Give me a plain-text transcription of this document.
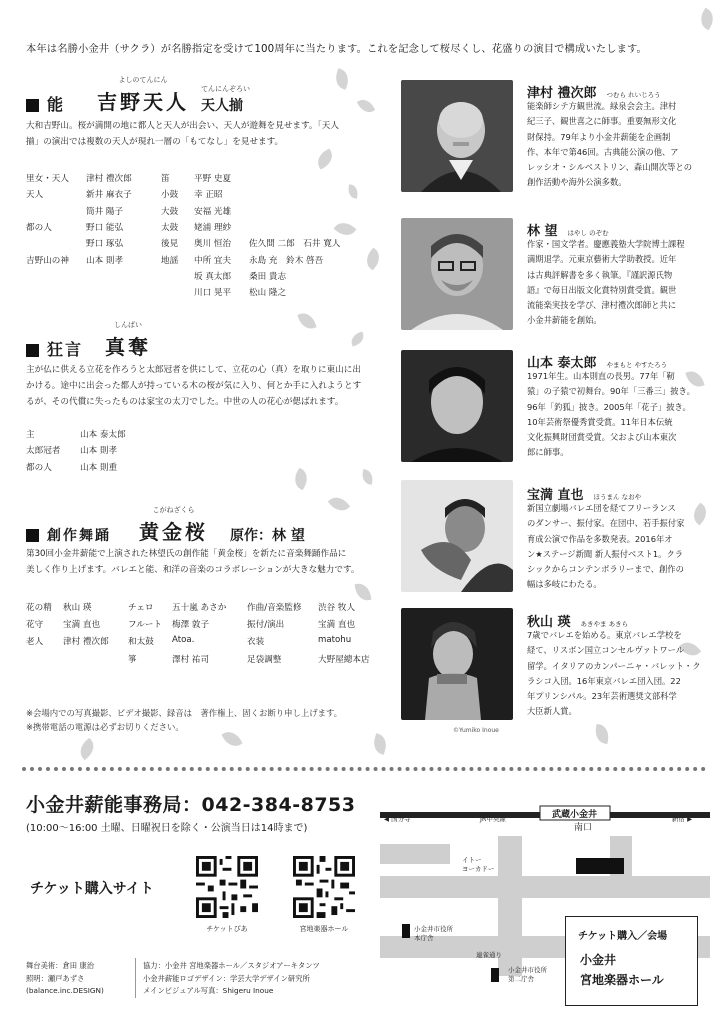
本年は名勝小金井（サクラ）が名勝指定を受けて100周年に当たります。これを記念して桜尽くし、花盛りの演目で構成いたします。
能
よしのてんにん
吉野天人
てんにんぞろい
天人揃
大和吉野山。桜が満開の地に都人と天人が出会い、天人が遊舞を見せます。「天人
揃」の演出では複数の天人が現れ一層の「もてなし」を見せます。
里女・天人 津村 禮次郎	笛	平野 史夏
天人	新井 麻衣子	小鼓 幸 正昭
筒井 陽子	大鼓 安福 光雄
都の人	野口 能弘	太鼓 姥浦 理紗
野口 琢弘	後見 奥川 恒治 佐久間 二郎　石井 寛人
吉野山の神 山本 則孝	地謡 中所 宜夫 永島 充　鈴木 啓吾
坂 真太郎 桑田 貴志
川口 晃平 松山 隆之
狂言
しんばい
真奪
主が仏に供える立花を作ろうと太郎冠者を供にして、立花の心（真）を取りに東山に出
かける。途中に出会った都人が持っている木の桜が気に入り、何とか手に入れようとす
るが、その代償に失ったものは家宝の太刀でした。中世の人の花心が偲ばれます。
主	山本 泰太郎
太郎冠者 山本 則孝
都の人	山本 則重
創作舞踊
こがねざくら
黄金桜 原作：林 望
第30回小金井薪能で上演された林望氏の創作能「黄金桜」を新たに音楽舞踊作品に
美しく作り上げます。バレエと能、和洋の音楽のコラボレーションが大きな魅力です。
花の精 秋山 瑛	チェロ 五十嵐 あさか 作曲/音楽監修 渋谷 牧人
花守 宝満 直也	フルート 梅澤 敦子	振付/演出	宝満 直也
老人 津村 禮次郎 和太鼓 Atoa.	衣装	matohu
箏	澤村 祐司	足袋調整	大野屋總本店
※会場内での写真撮影、ビデオ撮影、録音は　著作権上、固くお断り申し上げます。
※携帯電話の電源は必ずお切りください。	©Yumiko Inoue
津村 禮次郎 つむら れいじろう
能楽師シテ方観世流。緑泉会会主。津村
紀三子、観世喜之に師事。重要無形文化
財保持。79年より小金井薪能を企画制
作、本年で第46回。古典能公演の他、ア
レッシオ・シルベストリン、森山開次等との
創作活動や海外公演多数。
林 望 はやし のぞむ
作家・国文学者。慶應義塾大学院博士課程
満期退学。元東京藝術大学助教授。近年
は古典評解書を多く執筆。『謹訳源氏物
語』で毎日出版文化賞特別賞受賞。観世
流能楽実技を学び、津村禮次郎師と共に
小金井薪能を創始。
山本 泰太郎 やまもと やすたろう
1971年生。山本則直の長男。77年「靭
猿」の子猿で初舞台。90年「三番三」披き。
96年「釣狐」披き。2005年「花子」披き。
10年芸術祭優秀賞受賞。11年日本伝統
文化振興財団賞受賞。父および山本東次
郎に師事。
宝満 直也 ほうまん なおや
新国立劇場バレエ団を経てフリーランス
のダンサー、振付家。在団中、若手振付家
育成公演で作品を多数発表。2016年オ
ン★ステージ新聞 新人振付ベスト1。クラ
シックからコンテンポラリーまで、創作の
幅は多岐にわたる。
秋山 瑛 あきやま あきら
7歳でバレエを始める。東京バレエ学校を
経て、リスボン国立コンセルヴァトワール
留学。イタリアのカンパーニャ・バレット・ク
ラシコ入団。16年東京バレエ団入団。22
年プリンシパル。23年芸術選奨文部科学
大臣新人賞。
小金井薪能事務局：042-384-8753
(10:00〜16:00 土曜、日曜祝日を除く・公演当日は14時まで)
チケット購入サイト
チケットぴあ	宮地楽器ホール
舞台美術：倉田 康治
照明：瀬戸あずさ
(balance.inc.DESIGN)
協力：小金井 宮地楽器ホール／スタジオアーキタンツ
小金井薪能ロゴデザイン：学芸大学デザイン研究所
メインビジュアル写真：Shigeru Inoue
武蔵小金井
南口
JR中央線
◀ 国分寺	新宿 ▶
イトー
ヨーカドー
小金井市役所
本庁舎
連雀通り
小金井市役所
第二庁舎
チケット購入／会場
小金井
宮地楽器ホール
